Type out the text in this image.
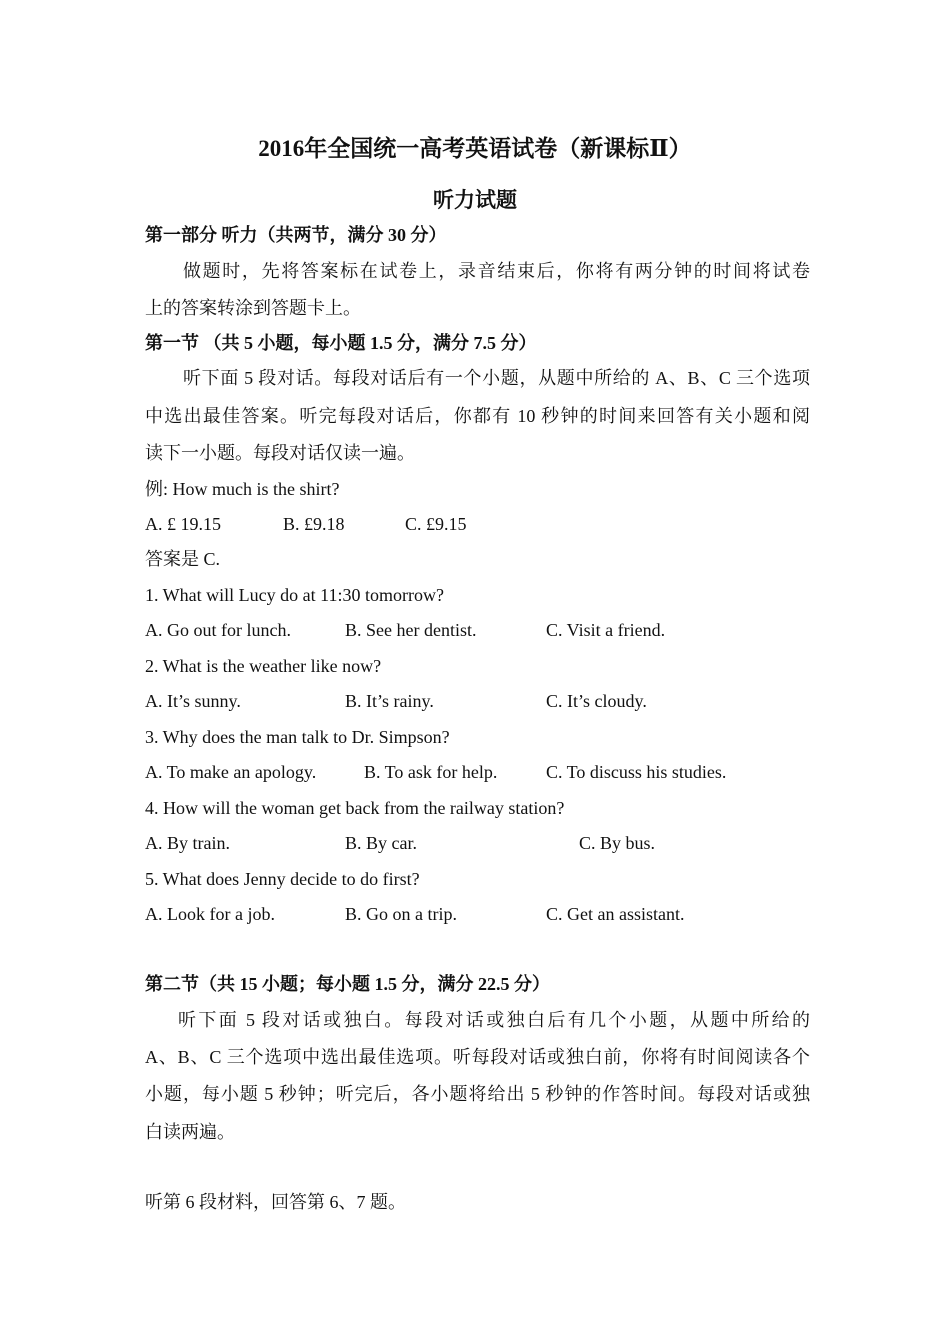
2016年全国统一高考英语试卷（新课标Ⅱ）
听力试题
第一部分 听力（共两节，满分 30 分）
做题时，先将答案标在试卷上，录音结束后，你将有两分钟的时间将试卷
上的答案转涂到答题卡上。
第一节 （共 5 小题，每小题 1.5 分，满分 7.5 分）
听下面 5 段对话。每段对话后有一个小题，从题中所给的 A、B、C 三个选项
中选出最佳答案。听完每段对话后，你都有 10 秒钟的时间来回答有关小题和阅
读下一小题。每段对话仅读一遍。
例: How much is the shirt?
A. £ 19.15	B. £9.18	C. £9.15
答案是 C.
1. What will Lucy do at 11:30 tomorrow?
A. Go out for lunch.	B. See her dentist.	C. Visit a friend.
2. What is the weather like now?
A. It’s sunny.	B. It’s rainy.	C. It’s cloudy.
3. Why does the man talk to Dr. Simpson?
A. To make an apology.	B. To ask for help.	C. To discuss his studies.
4. How will the woman get back from the railway station?
A. By train.	B. By car.	C. By bus.
5. What does Jenny decide to do first?
A. Look for a job.	B. Go on a trip.	C. Get an assistant.
第二节（共 15 小题；每小题 1.5 分，满分 22.5 分）
听下面 5 段对话或独白。每段对话或独白后有几个小题，从题中所给的
A、B、C 三个选项中选出最佳选项。听每段对话或独白前，你将有时间阅读各个
小题，每小题 5 秒钟；听完后，各小题将给出 5 秒钟的作答时间。每段对话或独
白读两遍。
听第 6 段材料，回答第 6、7 题。
